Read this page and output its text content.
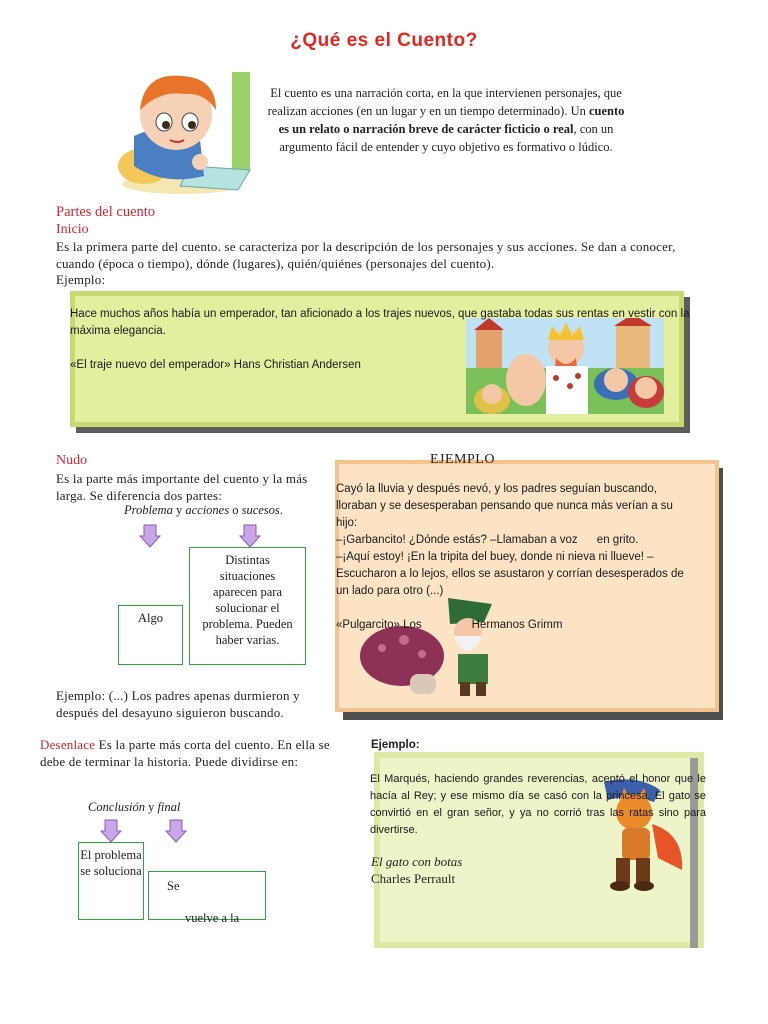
¿Qué es el Cuento?
El cuento es una narración corta, en la que intervienen personajes, que realizan acciones (en un lugar y en un tiempo determinado). Un cuento es un relato o narración breve de carácter ficticio o real, con un argumento fácil de entender y cuyo objetivo es formativo o lúdico.
Partes del cuento
Inicio
Es la primera parte del cuento. se caracteriza por la descripción de los personajes y sus acciones. Se dan a conocer, cuando (época o tiempo), dónde (lugares), quién/quiénes (personajes del cuento).
Ejemplo:
Hace muchos años había un emperador, tan aficionado a los trajes nuevos, que gastaba todas sus rentas en vestir con la máxima elegancia.
«El traje nuevo del emperador» Hans Christian Andersen
Nudo
Es la parte más importante del cuento y la más larga. Se diferencia dos partes:
Problema y acciones o sucesos.
Algo
Distintas situaciones aparecen para solucionar el problema. Pueden haber varias.
Ejemplo: (...) Los padres apenas durmieron y después del desayuno siguieron buscando.
EJEMPLO
Cayó la lluvia y después nevó, y los padres seguían buscando,
lloraban y se desesperaban pensando que nunca más verían a su
hijo:
–¡Garbancito! ¿Dónde estás? –Llamaban a voz      en grito.
–¡Aquí estoy! ¡En la tripita del buey, donde ni nieva ni llueve! –
Escucharon a lo lejos, ellos se asustaron y corrían desesperados de
un lado para otro (...)
«Pulgarcito» Los	Hermanos Grimm
Desenlace Es la parte más corta del cuento. En ella se debe de terminar la historia. Puede dividirse en:
Conclusión y final
El problema se soluciona
Se
vuelve a la
Ejemplo:
El Marqués, haciendo grandes reverencias, aceptó el honor que le hacía al Rey; y ese mismo día se casó con la princesa. El gato se convirtió en el gran señor, y ya no corrió tras las ratas sino para divertirse.
El gato con botas
Charles Perrault
